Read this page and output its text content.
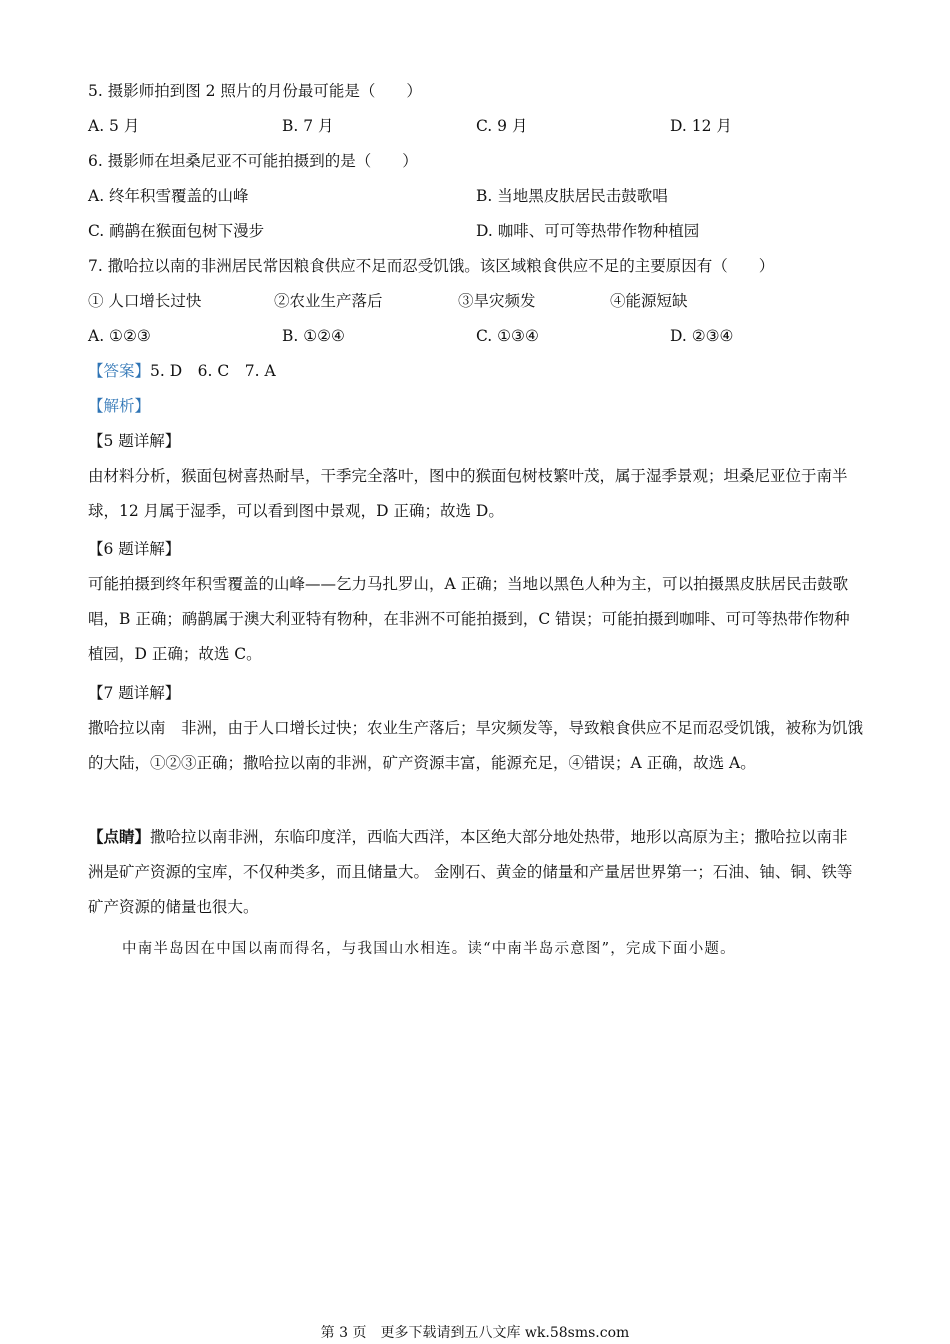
5. 摄影师拍到图 2 照片的月份最可能是（　　）
A. 5 月	B. 7 月	C. 9 月	D. 12 月
6. 摄影师在坦桑尼亚不可能拍摄到的是（　　）
A. 终年积雪覆盖的山峰	B. 当地黑皮肤居民击鼓歌唱
C. 鸸鹋在猴面包树下漫步	D. 咖啡、可可等热带作物种植园
7. 撒哈拉以南的非洲居民常因粮食供应不足而忍受饥饿。该区域粮食供应不足的主要原因有（　　）
① 人口增长过快	②农业生产落后	③旱灾频发	④能源短缺
A. ①②③	B. ①②④	C. ①③④	D. ②③④
【答案】5. D　6. C　7. A
【解析】
【5 题详解】
由材料分析，猴面包树喜热耐旱，干季完全落叶，图中的猴面包树枝繁叶茂，属于湿季景观；坦桑尼亚位于南半球，12 月属于湿季，可以看到图中景观，D 正确；故选 D。
【6 题详解】
可能拍摄到终年积雪覆盖的山峰——乞力马扎罗山，A 正确；当地以黑色人种为主，可以拍摄黑皮肤居民击鼓歌唱，B 正确；鸸鹋属于澳大利亚特有物种，在非洲不可能拍摄到，C 错误；可能拍摄到咖啡、可可等热带作物种植园，D 正确；故选 C。
【7 题详解】
撒哈拉以南　非洲，由于人口增长过快；农业生产落后；旱灾频发等，导致粮食供应不足而忍受饥饿，被称为饥饿的大陆，①②③正确；撒哈拉以南的非洲，矿产资源丰富，能源充足，④错误；A 正确，故选 A。
【点睛】撒哈拉以南非洲，东临印度洋，西临大西洋，本区绝大部分地处热带，地形以高原为主；撒哈拉以南非洲是矿产资源的宝库，不仅种类多，而且储量大。 金刚石、黄金的储量和产量居世界第一；石油、铀、铜、铁等矿产资源的储量也很大。
中南半岛因在中国以南而得名，与我国山水相连。读“中南半岛示意图”，完成下面小题。
第 3 页　更多下载请到五八文库 wk.58sms.com
